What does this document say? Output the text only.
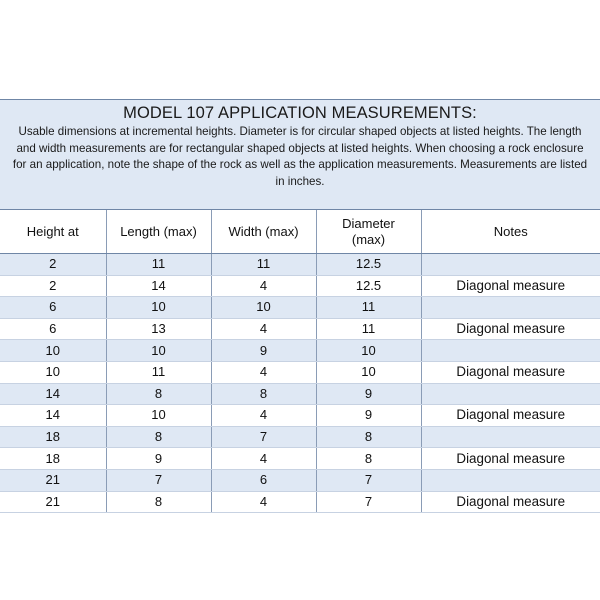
MODEL 107 APPLICATION MEASUREMENTS:
Usable dimensions at incremental heights. Diameter is for circular shaped objects at listed heights. The length and width measurements are for rectangular shaped objects at listed heights. When choosing a rock enclosure for an application, note the shape of the rock as well as the application measurements. Measurements are listed in inches.
Height at	Length (max)	Width (max)	Diameter (max)	Notes
2	11	11	12.5	
2	14	4	12.5	Diagonal measure
6	10	10	11	
6	13	4	11	Diagonal measure
10	10	9	10	
10	11	4	10	Diagonal measure
14	8	8	9	
14	10	4	9	Diagonal measure
18	8	7	8	
18	9	4	8	Diagonal measure
21	7	6	7	
21	8	4	7	Diagonal measure
